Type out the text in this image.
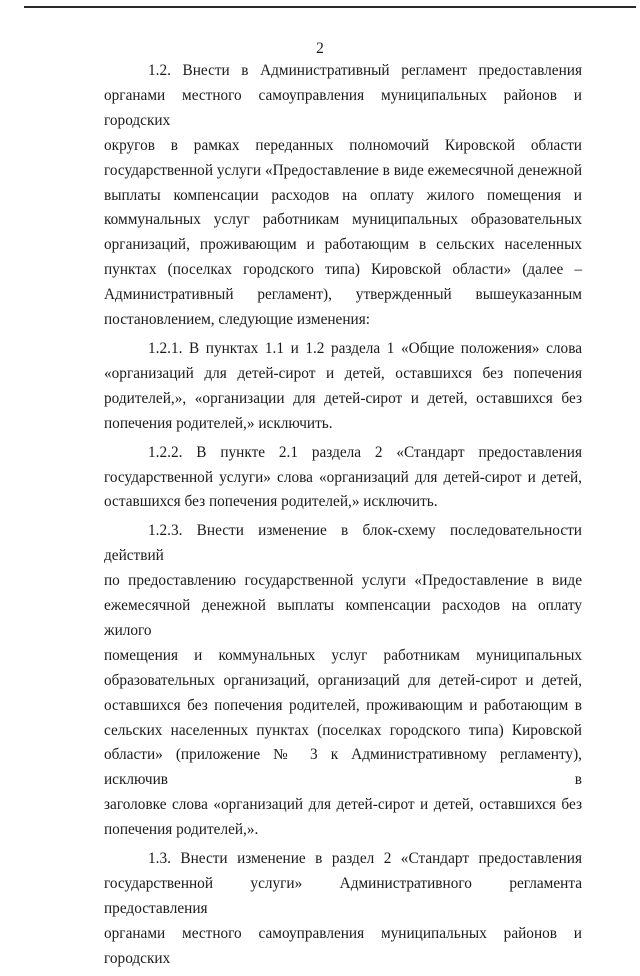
2
1.2. Внести в Административный регламент предоставления
органами местного самоуправления муниципальных районов и городских
округов в рамках переданных полномочий Кировской области
государственной услуги «Предоставление в виде ежемесячной денежной
выплаты компенсации расходов на оплату жилого помещения и
коммунальных услуг работникам муниципальных образовательных
организаций, проживающим и работающим в сельских населенных
пунктах (поселках городского типа) Кировской области» (далее –
Административный регламент), утвержденный вышеуказанным
постановлением, следующие изменения:
1.2.1. В пунктах 1.1 и 1.2 раздела 1 «Общие положения» слова
«организаций для детей-сирот и детей, оставшихся без попечения
родителей,», «организации для детей-сирот и детей, оставшихся без
попечения родителей,» исключить.
1.2.2. В пункте 2.1 раздела 2 «Стандарт предоставления
государственной услуги» слова «организаций для детей-сирот и детей,
оставшихся без попечения родителей,» исключить.
1.2.3. Внести изменение в блок-схему последовательности действий
по предоставлению государственной услуги «Предоставление в виде
ежемесячной денежной выплаты компенсации расходов на оплату жилого
помещения и коммунальных услуг работникам муниципальных
образовательных организаций, организаций для детей-сирот и детей,
оставшихся без попечения родителей, проживающим и работающим в
сельских населенных пунктах (поселках городского типа) Кировской
области» (приложение № 3 к Административному регламенту), исключив в
заголовке слова «организаций для детей-сирот и детей, оставшихся без
попечения родителей,».
1.3. Внести изменение в раздел 2 «Стандарт предоставления
государственной услуги» Административного регламента предоставления
органами местного самоуправления муниципальных районов и городских
